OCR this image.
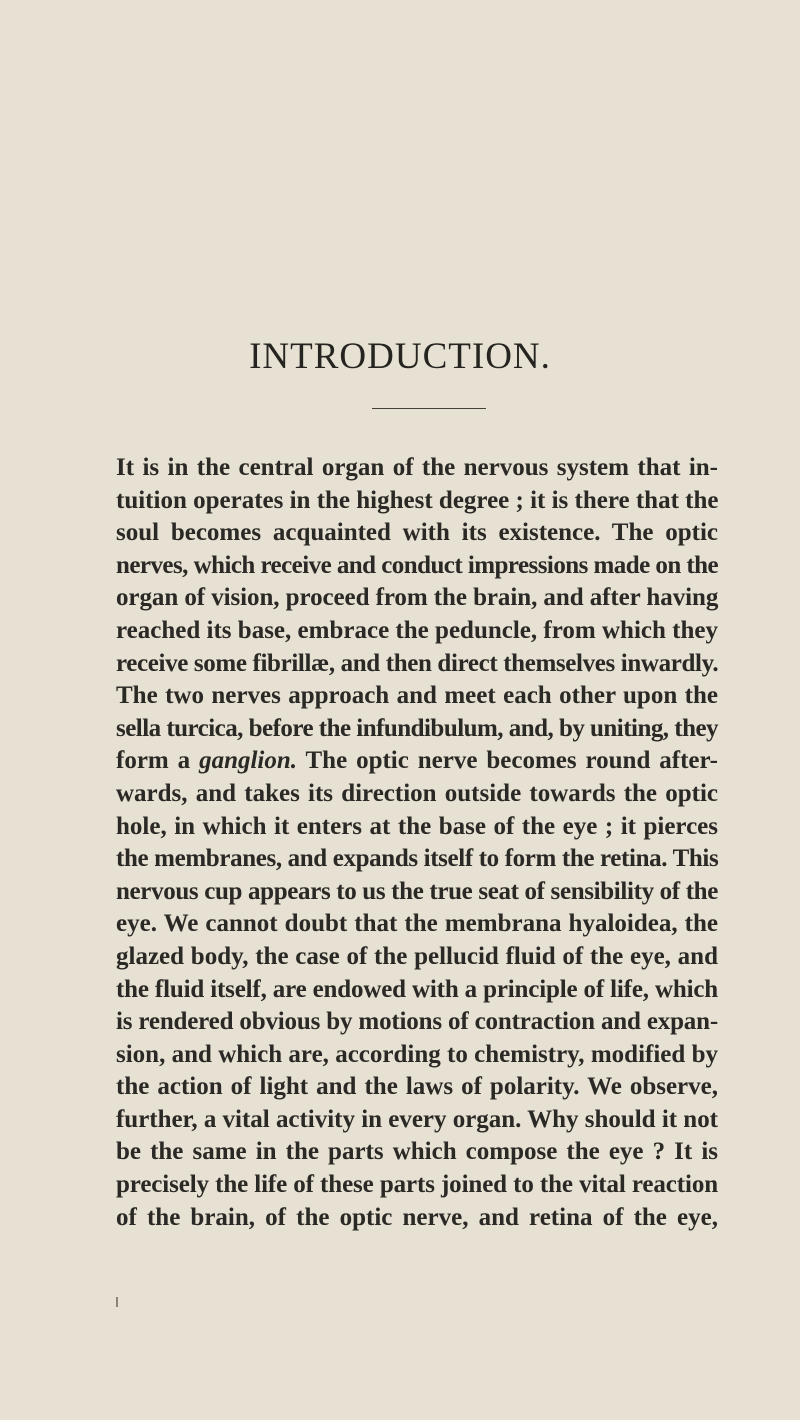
INTRODUCTION.
It is in the central organ of the nervous system that in-
tuition operates in the highest degree ; it is there that the
soul becomes acquainted with its existence. The optic
nerves, which receive and conduct impressions made on the
organ of vision, proceed from the brain, and after having
reached its base, embrace the peduncle, from which they
receive some fibrillæ, and then direct themselves inwardly.
The two nerves approach and meet each other upon the
sella turcica, before the infundibulum, and, by uniting, they
form a ganglion. The optic nerve becomes round after-
wards, and takes its direction outside towards the optic
hole, in which it enters at the base of the eye ; it pierces
the membranes, and expands itself to form the retina. This
nervous cup appears to us the true seat of sensibility of the
eye. We cannot doubt that the membrana hyaloidea, the
glazed body, the case of the pellucid fluid of the eye, and
the fluid itself, are endowed with a principle of life, which
is rendered obvious by motions of contraction and expan-
sion, and which are, according to chemistry, modified by
the action of light and the laws of polarity. We observe,
further, a vital activity in every organ. Why should it not
be the same in the parts which compose the eye ? It is
precisely the life of these parts joined to the vital reaction
of the brain, of the optic nerve, and retina of the eye,
